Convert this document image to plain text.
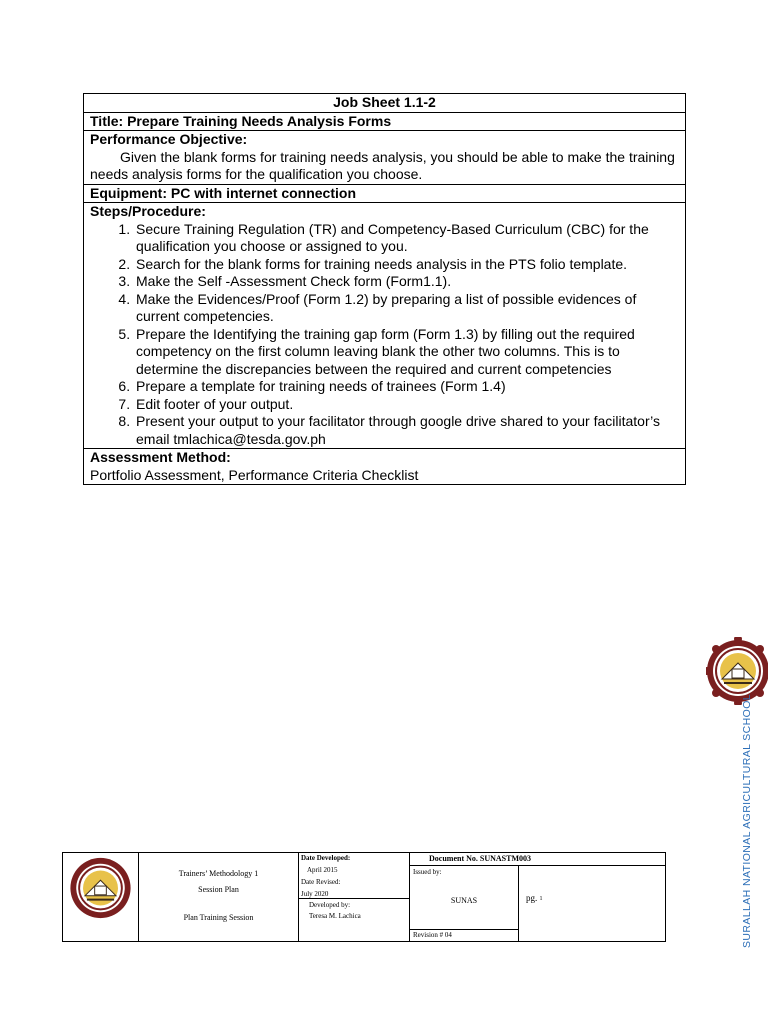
Job Sheet 1.1-2
Title: Prepare Training Needs Analysis Forms
Performance Objective:
Given the blank forms for training needs analysis, you should be able to make the training needs analysis forms for the qualification you choose.
Equipment: PC with internet connection
Steps/Procedure:
1. Secure Training Regulation (TR) and Competency-Based Curriculum (CBC) for the qualification you choose or assigned to you.
2. Search for the blank forms for training needs analysis in the PTS folio template.
3. Make the Self -Assessment Check form (Form1.1).
4. Make the Evidences/Proof (Form 1.2) by preparing a list of possible evidences of current competencies.
5. Prepare the Identifying the training gap form (Form 1.3) by filling out the required competency on the first column leaving blank the other two columns. This is to determine the discrepancies between the required and current competencies
6. Prepare a template for training needs of trainees (Form 1.4)
7. Edit footer of your output.
8. Present your output to your facilitator through google drive shared to your facilitator’s email tmlachica@tesda.gov.ph
Assessment Method:
Portfolio Assessment, Performance Criteria Checklist
SURALLAH NATIONAL AGRICULTURAL SCHOOL
Trainers’ Methodology 1
Session Plan
Plan Training Session
Date Developed:
April 2015
Date Revised:
July 2020
Developed by:
Teresa M. Lachica
Document No. SUNASTM003
Issued by:
SUNAS
Revision # 04
pg. 1
